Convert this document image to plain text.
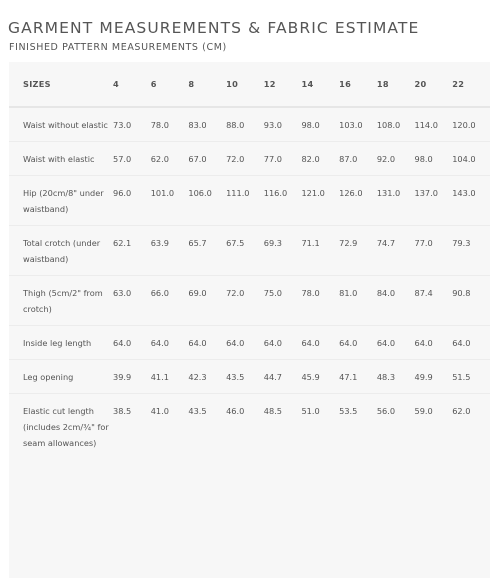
GARMENT MEASUREMENTS & FABRIC ESTIMATE
FINISHED PATTERN MEASUREMENTS (CM)
SIZES	4	6	8	10	12	14	16	18	20	22
Waist without elastic	73.0	78.0	83.0	88.0	93.0	98.0	103.0	108.0	114.0	120.0
Waist with elastic	57.0	62.0	67.0	72.0	77.0	82.0	87.0	92.0	98.0	104.0
Hip (20cm/8" under waistband)	96.0	101.0	106.0	111.0	116.0	121.0	126.0	131.0	137.0	143.0
Total crotch (under waistband)	62.1	63.9	65.7	67.5	69.3	71.1	72.9	74.7	77.0	79.3
Thigh (5cm/2" from crotch)	63.0	66.0	69.0	72.0	75.0	78.0	81.0	84.0	87.4	90.8
Inside leg length	64.0	64.0	64.0	64.0	64.0	64.0	64.0	64.0	64.0	64.0
Leg opening	39.9	41.1	42.3	43.5	44.7	45.9	47.1	48.3	49.9	51.5
Elastic cut length (includes 2cm/¾" for seam allowances)	38.5	41.0	43.5	46.0	48.5	51.0	53.5	56.0	59.0	62.0
